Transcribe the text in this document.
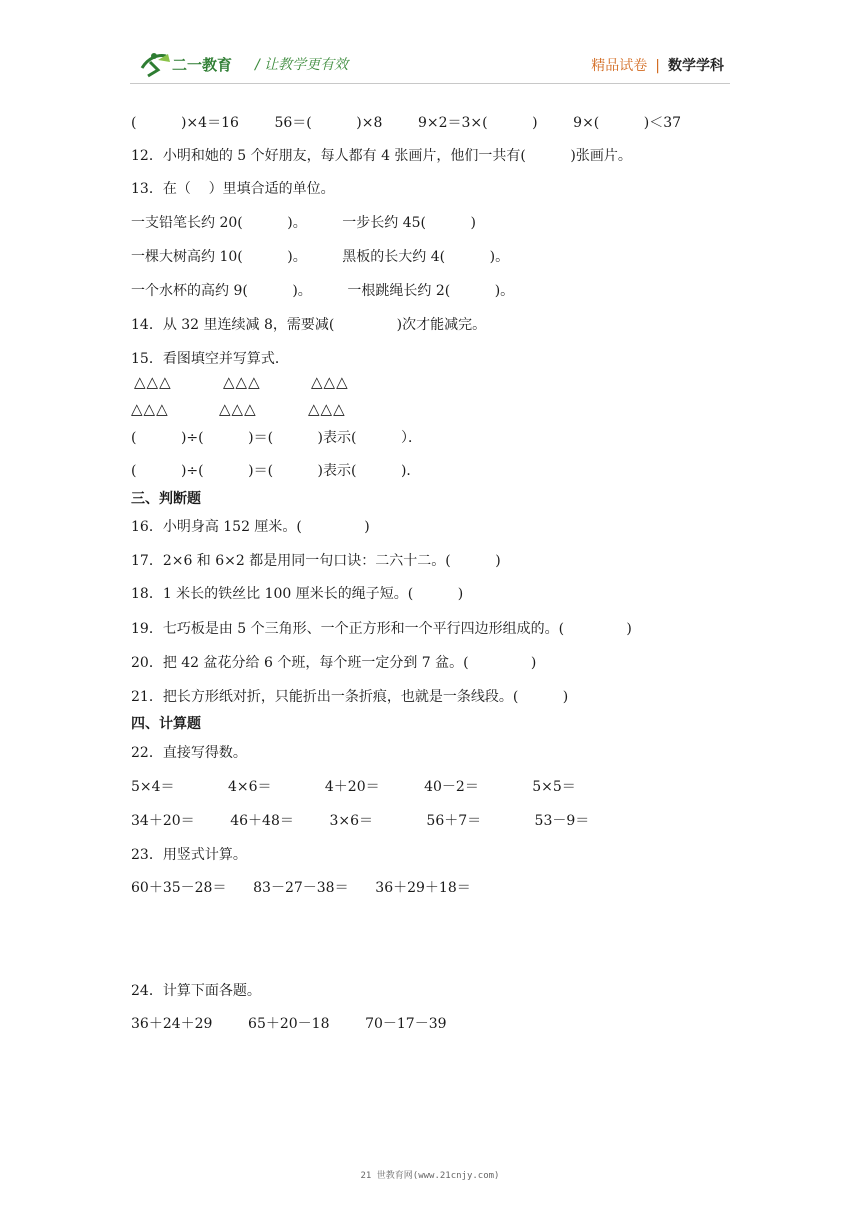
二一教育 / 让教学更有效	精品试卷 | 数学学科
(          )×4＝16        56＝(          )×8        9×2＝3×(          )        9×(          )＜37
12．小明和她的 5 个好朋友，每人都有 4 张画片，他们一共有(          )张画片。
13．在（    ）里填合适的单位。
一支铅笔长约 20(          )。        一步长约 45(          )
一棵大树高约 10(          )。        黑板的长大约 4(          )。
一个水杯的高约 9(          )。        一根跳绳长约 2(          )。
14．从 32 里连续减 8，需要减(              )次才能减完。
15．看图填空并写算式．
△△△	△△△	△△△
△△△	△△△	△△△
(          )÷(          )＝(          )表示(          ）．
(          )÷(          )＝(          )表示(          )．
三、判断题
16．小明身高 152 厘米。(              )
17．2×6 和 6×2 都是用同一句口诀：二六十二。(          )
18．1 米长的铁丝比 100 厘米长的绳子短。(          )
19．七巧板是由 5 个三角形、一个正方形和一个平行四边形组成的。(              )
20．把 42 盆花分给 6 个班，每个班一定分到 7 盆。(              )
21．把长方形纸对折，只能折出一条折痕，也就是一条线段。(          )
四、计算题
22．直接写得数。
5×4＝            4×6＝            4＋20＝          40－2＝            5×5＝
34＋20＝        46＋48＝        3×6＝            56＋7＝            53－9＝
23．用竖式计算。
60＋35－28＝      83－27－38＝      36＋29＋18＝
24．计算下面各题。
36＋24＋29        65＋20－18        70－17－39
21 世教育网(www.21cnjy.com)
